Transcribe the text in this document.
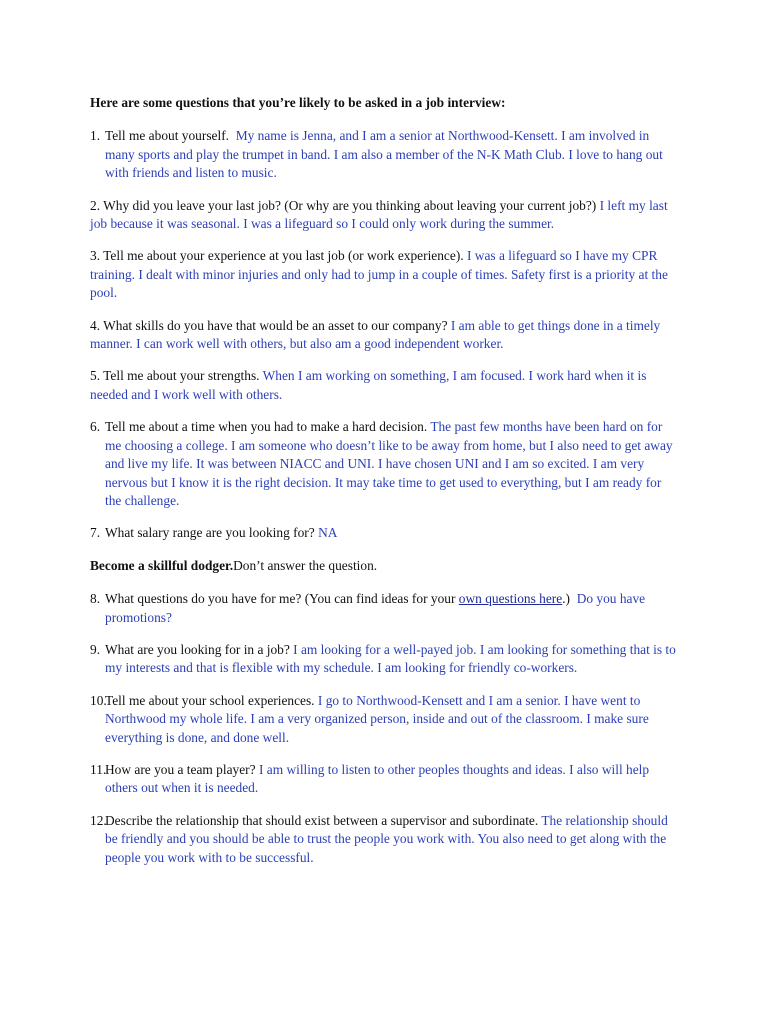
Here are some questions that you’re likely to be asked in a job interview:

1. Tell me about yourself. My name is Jenna, and I am a senior at Northwood-Kensett. I am involved in many sports and play the trumpet in band. I am also a member of the N-K Math Club. I love to hang out with friends and listen to music.

2. Why did you leave your last job? (Or why are you thinking about leaving your current job?) I left my last job because it was seasonal. I was a lifeguard so I could only work during the summer.

3. Tell me about your experience at you last job (or work experience). I was a lifeguard so I have my CPR training. I dealt with minor injuries and only had to jump in a couple of times. Safety first is a priority at the pool.

4. What skills do you have that would be an asset to our company? I am able to get things done in a timely manner. I can work well with others, but also am a good independent worker.

5. Tell me about your strengths. When I am working on something, I am focused. I work hard when it is needed and I work well with others.

6. Tell me about a time when you had to make a hard decision. The past few months have been hard on for me choosing a college. I am someone who doesn’t like to be away from home, but I also need to get away and live my life. It was between NIACC and UNI. I have chosen UNI and I am so excited. I am very nervous but I know it is the right decision. It may take time to get used to everything, but I am ready for the challenge.

7. What salary range are you looking for? NA

Become a skillful dodger.Don’t answer the question.

8. What questions do you have for me? (You can find ideas for your own questions here.) Do you have promotions?

9. What are you looking for in a job? I am looking for a well-payed job. I am looking for something that is to my interests and that is flexible with my schedule. I am looking for friendly co-workers.

10.
Tell me about your school experiences. I go to Northwood-Kensett and I am a senior. I have went to Northwood my whole life. I am a very organized person, inside and out of the classroom. I make sure everything is done, and done well.

11.
How are you a team player? I am willing to listen to other peoples thoughts and ideas. I also will help others out when it is needed.

12.
Describe the relationship that should exist between a supervisor and subordinate. The relationship should be friendly and you should be able to trust the people you work with. You also need to get along with the people you work with to be successful.
